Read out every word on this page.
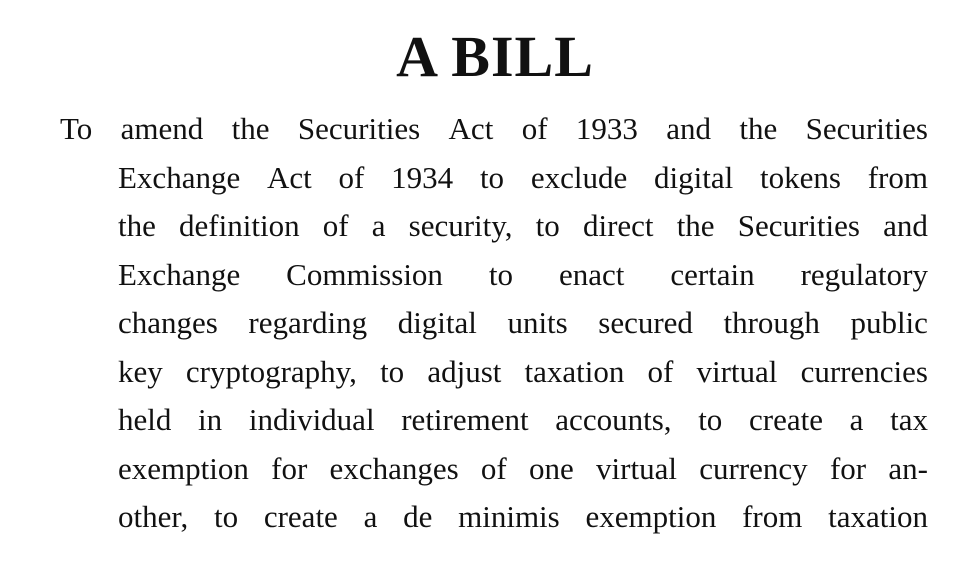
A BILL
To amend the Securities Act of 1933 and the Securities
Exchange Act of 1934 to exclude digital tokens from
the definition of a security, to direct the Securities and
Exchange Commission to enact certain regulatory
changes regarding digital units secured through public
key cryptography, to adjust taxation of virtual currencies
held in individual retirement accounts, to create a tax
exemption for exchanges of one virtual currency for an-
other, to create a de minimis exemption from taxation
